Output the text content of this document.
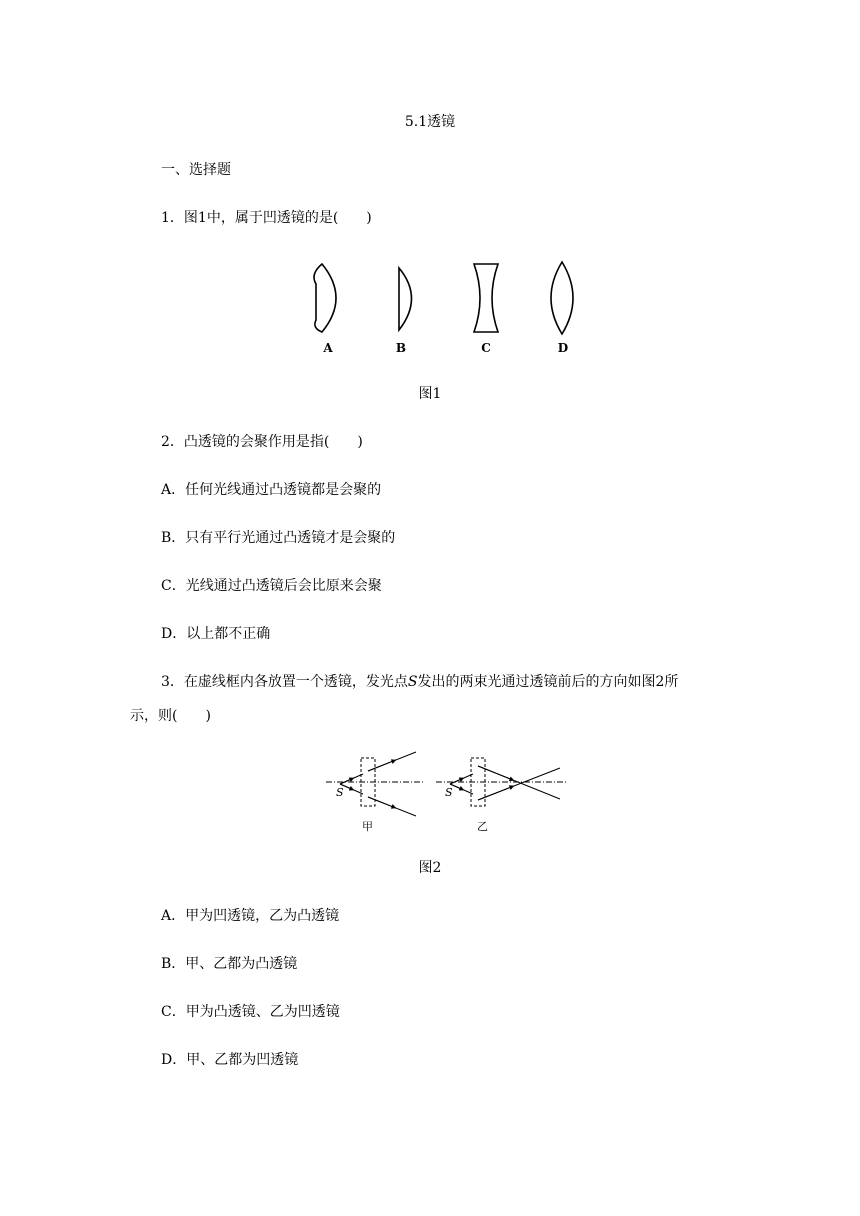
5.1透镜
一、选择题
1．图1中，属于凹透镜的是(　　)
A	B	C	D
图1
2．凸透镜的会聚作用是指(　　)
A．任何光线通过凸透镜都是会聚的
B．只有平行光通过凸透镜才是会聚的
C．光线通过凸透镜后会比原来会聚
D．以上都不正确
3．在虚线框内各放置一个透镜，发光点S发出的两束光通过透镜前后的方向如图2所
示，则(　　)
S	S
甲	乙
图2
A．甲为凹透镜，乙为凸透镜
B．甲、乙都为凸透镜
C．甲为凸透镜、乙为凹透镜
D．甲、乙都为凹透镜
